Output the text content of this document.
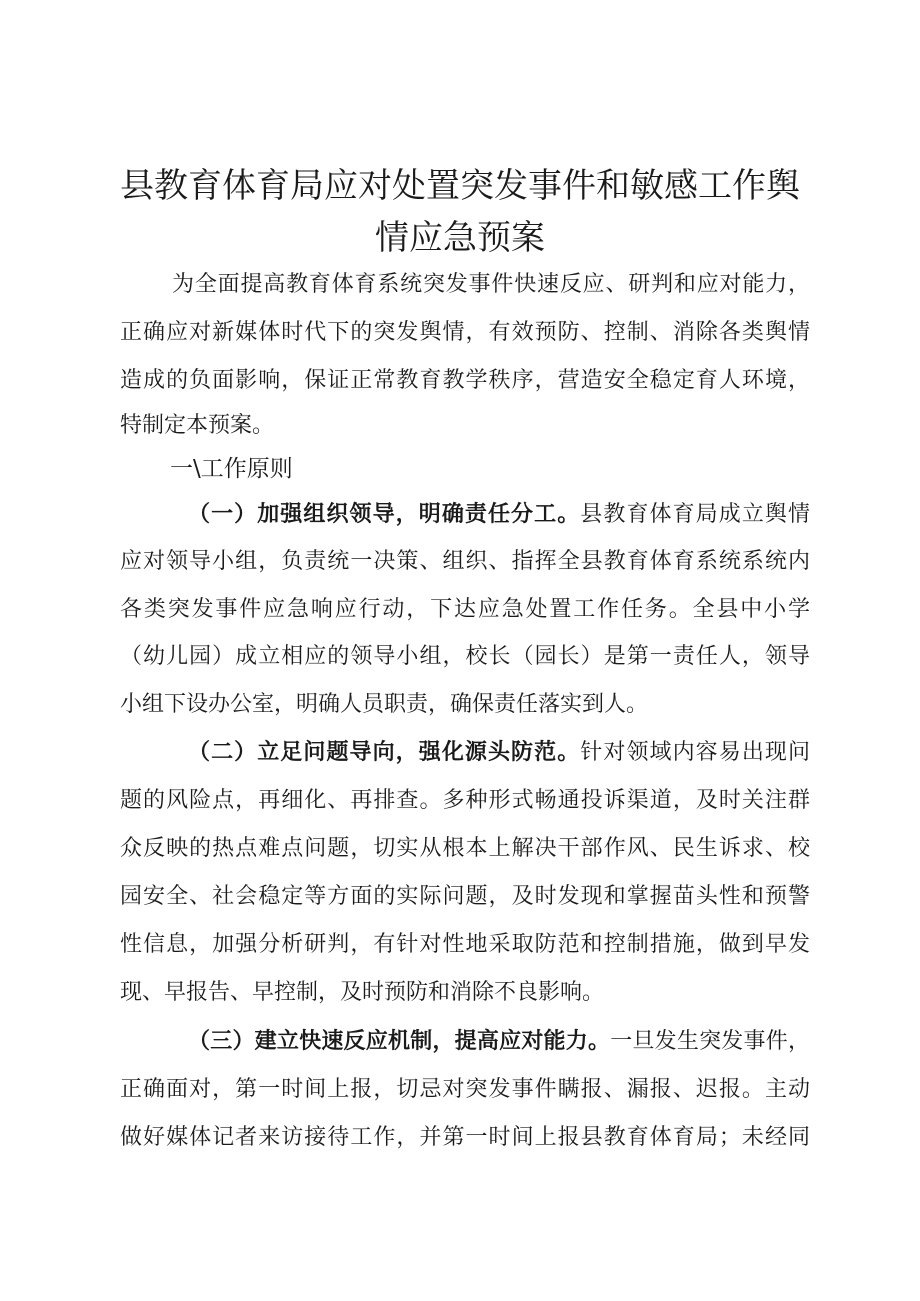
县教育体育局应对处置突发事件和敏感工作舆
情应急预案

为全面提高教育体育系统突发事件快速反应、研判和应对能力，

正确应对新媒体时代下的突发舆情，有效预防、控制、消除各类舆情

造成的负面影响，保证正常教育教学秩序，营造安全稳定育人环境，

特制定本预案。

一\工作原则

（一）加强组织领导，明确责任分工。县教育体育局成立舆情

应对领导小组，负责统一决策、组织、指挥全县教育体育系统系统内

各类突发事件应急响应行动，下达应急处置工作任务。全县中小学

（幼儿园）成立相应的领导小组，校长（园长）是第一责任人，领导

小组下设办公室，明确人员职责，确保责任落实到人。

（二）立足问题导向，强化源头防范。针对领域内容易出现问

题的风险点，再细化、再排查。多种形式畅通投诉渠道，及时关注群

众反映的热点难点问题，切实从根本上解决干部作风、民生诉求、校

园安全、社会稳定等方面的实际问题，及时发现和掌握苗头性和预警

性信息，加强分析研判，有针对性地采取防范和控制措施，做到早发

现、早报告、早控制，及时预防和消除不良影响。

（三）建立快速反应机制，提高应对能力。一旦发生突发事件，

正确面对，第一时间上报，切忌对突发事件瞒报、漏报、迟报。主动

做好媒体记者来访接待工作，并第一时间上报县教育体育局；未经同
